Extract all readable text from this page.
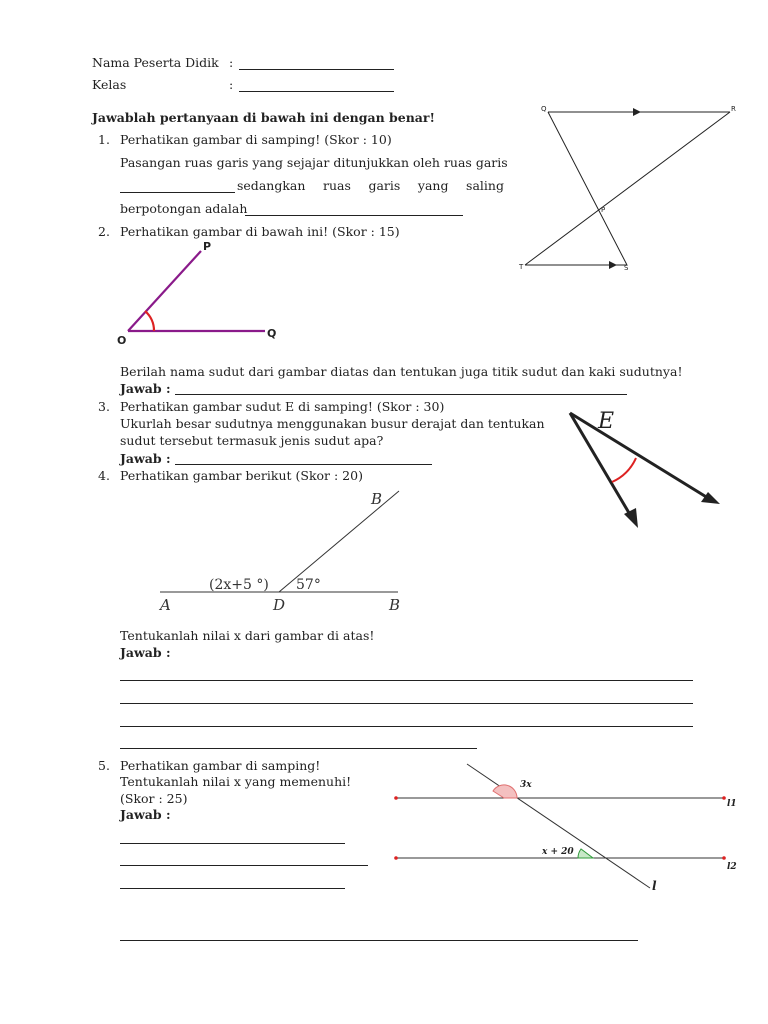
Nama Peserta Didik :
Kelas	:
Jawablah pertanyaan di bawah ini dengan benar!
1. Perhatikan gambar di samping! (Skor : 10)
Pasangan ruas garis yang sejajar ditunjukkan oleh ruas garis
sedangkan ruas garis yang saling
berpotongan adalah
Q	R
P
T	S
2. Perhatikan gambar di bawah ini! (Skor : 15)
P
O
Q
Berilah nama sudut dari gambar diatas dan tentukan juga titik sudut dan kaki sudutnya!
Jawab :
3. Perhatikan gambar sudut E di samping! (Skor : 30)
Ukurlah besar sudutnya menggunakan busur derajat dan tentukan
sudut tersebut termasuk jenis sudut apa?
Jawab :
E
4. Perhatikan gambar berikut (Skor : 20)
B
(2x+5 °) 57°
A	D	B
Tentukanlah nilai x dari gambar di atas!
Jawab :
5. Perhatikan gambar di samping!
Tentukanlah nilai x yang memenuhi!
(Skor : 25)
Jawab :
3x
x + 20
l1
l2
l
